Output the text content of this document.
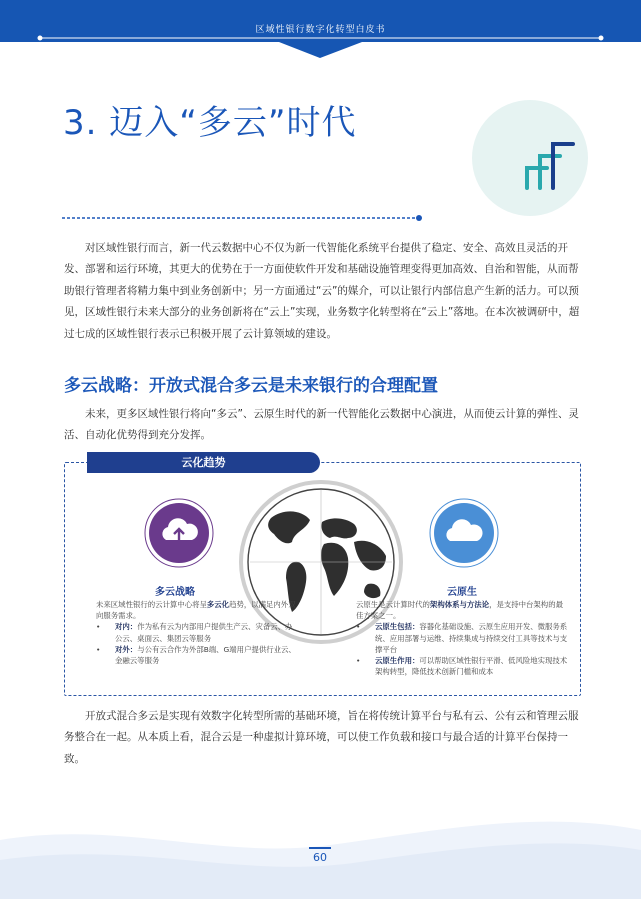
区域性银行数字化转型白皮书
3. 迈入“多云”时代

对区域性银行而言，新一代云数据中心不仅为新一代智能化系统平台提供了稳定、安全、高效且灵活的开发、部署和运行环境，其更大的优势在于一方面使软件开发和基础设施管理变得更加高效、自治和智能，从而帮助银行管理者将精力集中到业务创新中；另一方面通过“云”的媒介，可以让银行内部信息产生新的活力。可以预见，区域性银行未来大部分的业务创新将在“云上”实现，业务数字化转型将在“云上”落地。在本次被调研中，超过七成的区域性银行表示已积极开展了云计算领域的建设。

多云战略：开放式混合多云是未来银行的合理配置

未来，更多区域性银行将向“多云”、云原生时代的新一代智能化云数据中心演进，从而使云计算的弹性、灵活、自动化优势得到充分发挥。

云化趋势
多云战略	云原生

未来区域性银行的云计算中心将呈多云化趋势，以满足内外双向服务需求。

• 对内：作为私有云为内部用户提供生产云、灾备云、办公云、桌面云、集团云等服务

• 对外：与公有云合作为外部B端、G端用户提供行业云、金融云等服务

云原生是云计算时代的架构体系与方法论，是支持中台架构的最佳方案之一。

• 云原生包括：容器化基础设施、云原生应用开发、微服务系统、应用部署与运维、持续集成与持续交付工具等技术与支撑平台

• 云原生作用：可以帮助区域性银行平滑、低风险地实现技术架构转型，降低技术创新门槛和成本

开放式混合多云是实现有效数字化转型所需的基础环境，旨在将传统计算平台与私有云、公有云和管理云服务整合在一起。从本质上看，混合云是一种虚拟计算环境，可以使工作负载和接口与最合适的计算平台保持一致。

60
